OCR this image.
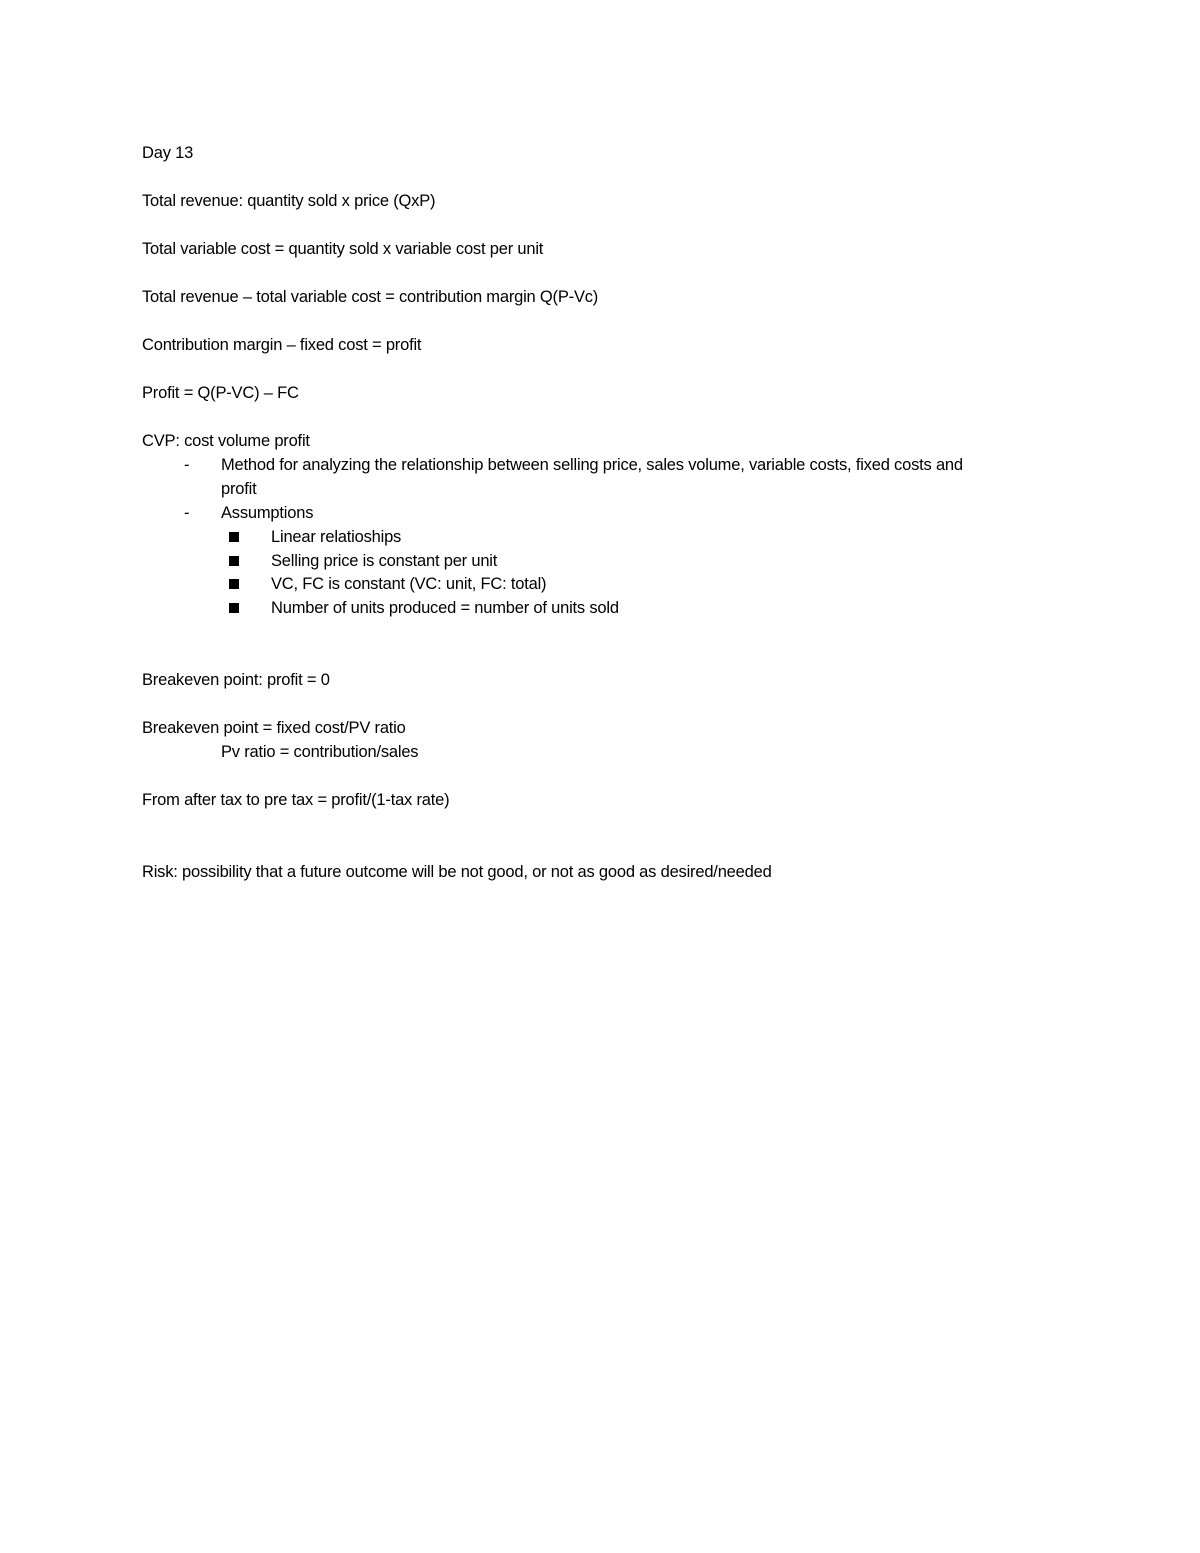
Day 13
Total revenue: quantity sold x price (QxP)
Total variable cost = quantity sold x variable cost per unit
Total revenue – total variable cost = contribution margin Q(P-Vc)
Contribution margin – fixed cost = profit
Profit = Q(P-VC) – FC
CVP: cost volume profit
- Method for analyzing the relationship between selling price, sales volume, variable costs, fixed costs and
profit
- Assumptions
Linear relatioships
Selling price is constant per unit
VC, FC is constant (VC: unit, FC: total)
Number of units produced = number of units sold
Breakeven point: profit = 0
Breakeven point = fixed cost/PV ratio
Pv ratio = contribution/sales
From after tax to pre tax = profit/(1-tax rate)
Risk: possibility that a future outcome will be not good, or not as good as desired/needed
